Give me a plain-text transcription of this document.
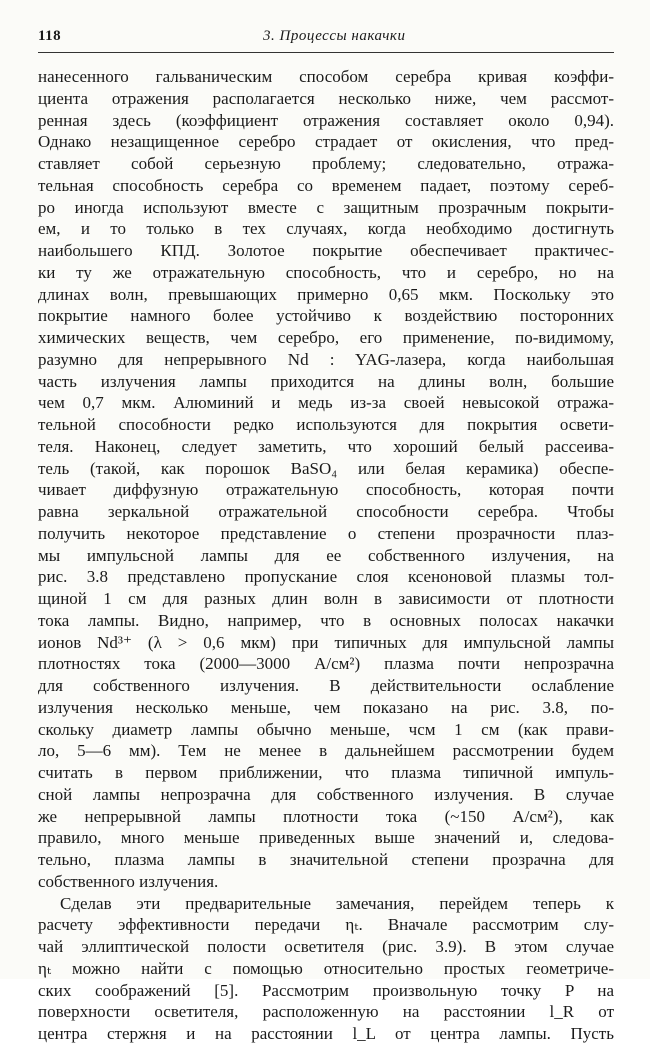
118	3. Процессы накачки
нанесенного гальваническим способом серебра кривая коэффи-
циента отражения располагается несколько ниже, чем рассмот-
ренная здесь (коэффициент отражения составляет около 0,94).
Однако незащищенное серебро страдает от окисления, что пред-
ставляет собой серьезную проблему; следовательно, отража-
тельная способность серебра со временем падает, поэтому сереб-
ро иногда используют вместе с защитным прозрачным покрыти-
ем, и то только в тех случаях, когда необходимо достигнуть
наибольшего КПД. Золотое покрытие обеспечивает практичес-
ки ту же отражательную способность, что и серебро, но на
длинах волн, превышающих примерно 0,65 мкм. Поскольку это
покрытие намного более устойчиво к воздействию посторонних
химических веществ, чем серебро, его применение, по-видимому,
разумно для непрерывного Nd : YAG-лазера, когда наибольшая
часть излучения лампы приходится на длины волн, большие
чем 0,7 мкм. Алюминий и медь из-за своей невысокой отража-
тельной способности редко используются для покрытия освети-
теля. Наконец, следует заметить, что хороший белый рассеива-
тель (такой, как порошок BaSO₄ или белая керамика) обеспе-
чивает диффузную отражательную способность, которая почти
равна зеркальной отражательной способности серебра. Чтобы
получить некоторое представление о степени прозрачности плаз-
мы импульсной лампы для ее собственного излучения, на
рис. 3.8 представлено пропускание слоя ксеноновой плазмы тол-
щиной 1 см для разных длин волн в зависимости от плотности
тока лампы. Видно, например, что в основных полосах накачки
ионов Nd³⁺ (λ > 0,6 мкм) при типичных для импульсной лампы
плотностях тока (2000—3000 А/см²) плазма почти непрозрачна
для собственного излучения. В действительности ослабление
излучения несколько меньше, чем показано на рис. 3.8, по-
скольку диаметр лампы обычно меньше, чсм 1 см (как прави-
ло, 5—6 мм). Тем не менее в дальнейшем рассмотрении будем
считать в первом приближении, что плазма типичной импуль-
сной лампы непрозрачна для собственного излучения. В случае
же непрерывной лампы плотности тока (~150 А/см²), как
правило, много меньше приведенных выше значений и, следова-
тельно, плазма лампы в значительной степени прозрачна для
собственного излучения.
Сделав эти предварительные замечания, перейдем теперь к
расчету эффективности передачи ηₜ. Вначале рассмотрим слу-
чай эллиптической полости осветителя (рис. 3.9). В этом случае
ηₜ можно найти с помощью относительно простых геометриче-
ских соображений [5]. Рассмотрим произвольную точку P на
поверхности осветителя, расположенную на расстоянии l_R от
центра стержня и на расстоянии l_L от центра лампы. Пусть
